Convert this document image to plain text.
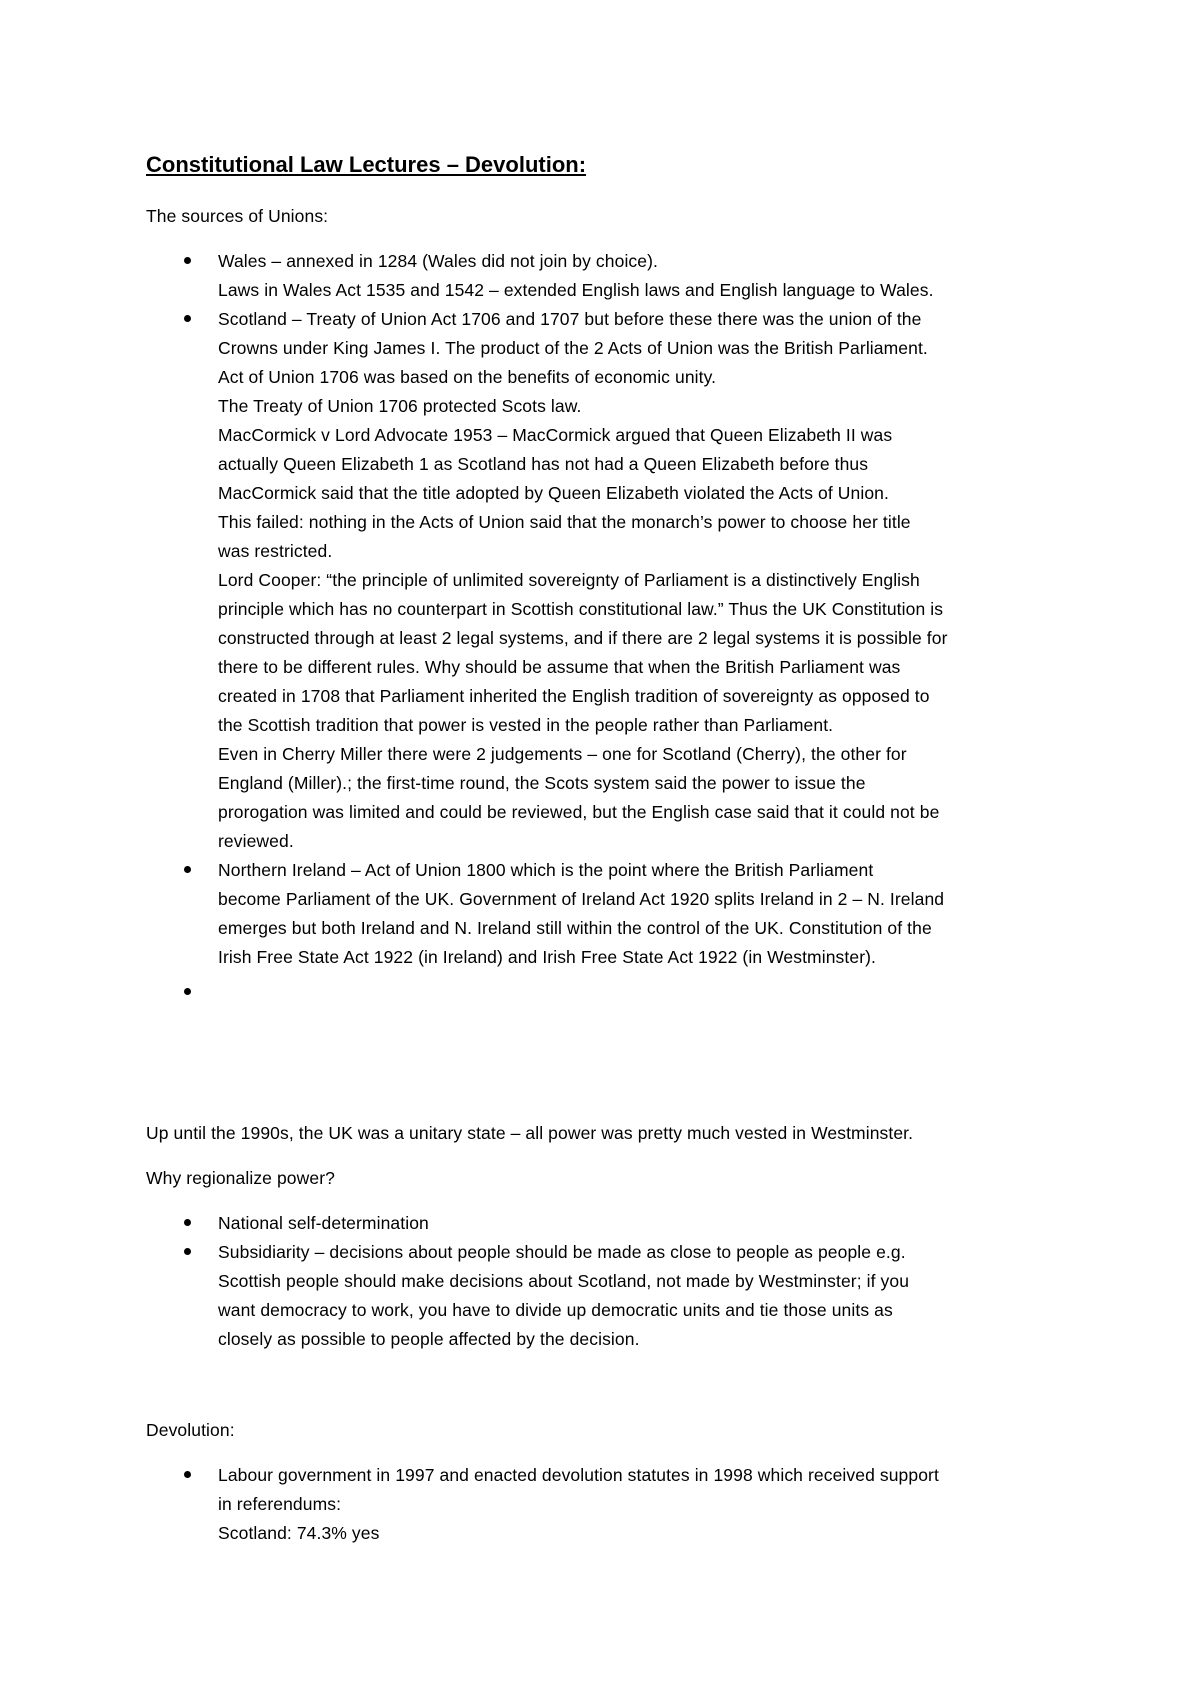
Constitutional Law Lectures – Devolution:
The sources of Unions:
Wales – annexed in 1284 (Wales did not join by choice).
Laws in Wales Act 1535 and 1542 – extended English laws and English language to Wales.
Scotland – Treaty of Union Act 1706 and 1707 but before these there was the union of the
Crowns under King James I. The product of the 2 Acts of Union was the British Parliament.
Act of Union 1706 was based on the benefits of economic unity.
The Treaty of Union 1706 protected Scots law.
MacCormick v Lord Advocate 1953 – MacCormick argued that Queen Elizabeth II was
actually Queen Elizabeth 1 as Scotland has not had a Queen Elizabeth before thus
MacCormick said that the title adopted by Queen Elizabeth violated the Acts of Union.
This failed: nothing in the Acts of Union said that the monarch’s power to choose her title
was restricted.
Lord Cooper: “the principle of unlimited sovereignty of Parliament is a distinctively English
principle which has no counterpart in Scottish constitutional law.” Thus the UK Constitution is
constructed through at least 2 legal systems, and if there are 2 legal systems it is possible for
there to be different rules. Why should be assume that when the British Parliament was
created in 1708 that Parliament inherited the English tradition of sovereignty as opposed to
the Scottish tradition that power is vested in the people rather than Parliament.
Even in Cherry Miller there were 2 judgements – one for Scotland (Cherry), the other for
England (Miller).; the first-time round, the Scots system said the power to issue the
prorogation was limited and could be reviewed, but the English case said that it could not be
reviewed.
Northern Ireland – Act of Union 1800 which is the point where the British Parliament
become Parliament of the UK. Government of Ireland Act 1920 splits Ireland in 2 – N. Ireland
emerges but both Ireland and N. Ireland still within the control of the UK. Constitution of the
Irish Free State Act 1922 (in Ireland) and Irish Free State Act 1922 (in Westminster).
Up until the 1990s, the UK was a unitary state – all power was pretty much vested in Westminster.
Why regionalize power?
National self-determination
Subsidiarity – decisions about people should be made as close to people as people e.g.
Scottish people should make decisions about Scotland, not made by Westminster; if you
want democracy to work, you have to divide up democratic units and tie those units as
closely as possible to people affected by the decision.
Devolution:
Labour government in 1997 and enacted devolution statutes in 1998 which received support
in referendums:
Scotland: 74.3% yes
